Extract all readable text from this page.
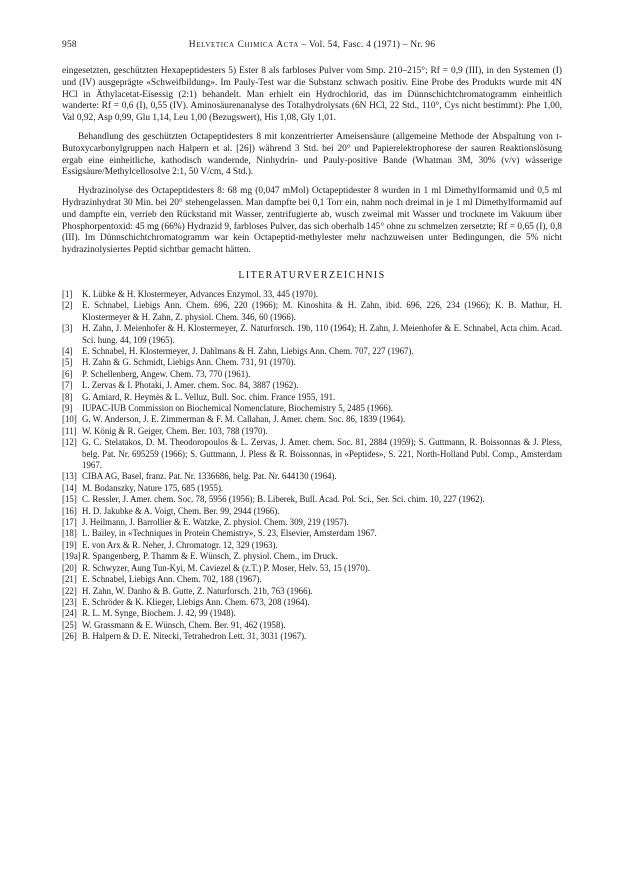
958	Helvetica Chimica Acta – Vol. 54, Fasc. 4 (1971) – Nr. 96

eingesetzten, geschützten Hexapeptidesters 5) Ester 8 als farbloses Pulver vom Smp. 210–215°; Rf = 0,9 (III), in den Systemen (I) und (IV) ausgeprägte «Schweifbildung». Im Pauly-Test war die Substanz schwach positiv. Eine Probe des Produkts wurde mit 4N HCl in Äthylacetat-Eisessig (2:1) behandelt. Man erhielt ein Hydrochlorid, das im Dünnschichtchromatogramm einheitlich wanderte: Rf = 0,6 (I), 0,55 (IV). Aminosäurenanalyse des Totalhydrolysats (6N HCl, 22 Std., 110°, Cys nicht bestimmt): Phe 1,00, Val 0,92, Asp 0,99, Glu 1,14, Leu 1,00 (Bezugswert), His 1,08, Gly 1,01.

Behandlung des geschützten Octapeptidesters 8 mit konzentrierter Ameisensäure (allgemeine Methode der Abspaltung von t-Butoxycarbonylgruppen nach Halpern et al. [26]) während 3 Std. bei 20° und Papierelektrophorese der sauren Reaktionslösung ergab eine einheitliche, kathodisch wandernde, Ninhydrin- und Pauly-positive Bande (Whatman 3M, 30% (v/v) wässerige Essigsäure/Methylcellosolve 2:1, 50 V/cm, 4 Std.).

Hydrazinolyse des Octapeptidesters 8: 68 mg (0,047 mMol) Octapeptidester 8 wurden in 1 ml Dimethylformamid und 0,5 ml Hydrazinhydrat 30 Min. bei 20° stehengelassen. Man dampfte bei 0,1 Torr ein, nahm noch dreimal in je 1 ml Dimethylformamid auf und dampfte ein, verrieb den Rückstand mit Wasser, zentrifugierte ab, wusch zweimal mit Wasser und trocknete im Vakuum über Phosphorpentoxid: 45 mg (66%) Hydrazid 9, farbloses Pulver, das sich oberhalb 145° ohne zu schmelzen zersetzte; Rf = 0,65 (I), 0,8 (III). Im Dünnschichtchromatogramm war kein Octapeptid-methylester mehr nachzuweisen unter Bedingungen, die 5% nicht hydrazinolysiertes Peptid sichtbar gemacht hätten.

LITERATURVERZEICHNIS
[1] K. Lübke & H. Klostermeyer, Advances Enzymol. 33, 445 (1970).
[2] E. Schnabel, Liebigs Ann. Chem. 696, 220 (1966); M. Kinoshita & H. Zahn, ibid. 696, 226, 234 (1966); K. B. Mathur, H. Klostermeyer & H. Zahn, Z. physiol. Chem. 346, 60 (1966).
[3] H. Zahn, J. Meienhofer & H. Klostermeyer, Z. Naturforsch. 19b, 110 (1964); H. Zahn, J. Meienhofer & E. Schnabel, Acta chim. Acad. Sci. hung. 44, 109 (1965).
[4] E. Schnabel, H. Klostermeyer, J. Dahlmans & H. Zahn, Liebigs Ann. Chem. 707, 227 (1967).
[5] H. Zahn & G. Schmidt, Liebigs Ann. Chem. 731, 91 (1970).
[6] P. Schellenberg, Angew. Chem. 73, 770 (1961).
[7] L. Zervas & I. Photaki, J. Amer. chem. Soc. 84, 3887 (1962).
[8] G. Amiard, R. Heymès & L. Velluz, Bull. Soc. chim. France 1955, 191.
[9] IUPAC-IUB Commission on Biochemical Nomenclature, Biochemistry 5, 2485 (1966).
[10] G. W. Anderson, J. E. Zimmerman & F. M. Callahan, J. Amer. chem. Soc. 86, 1839 (1964).
[11] W. König & R. Geiger, Chem. Ber. 103, 788 (1970).
[12] G. C. Stelatakos, D. M. Theodoropoulos & L. Zervas, J. Amer. chem. Soc. 81, 2884 (1959); S. Guttmann, R. Boissonnas & J. Pless, belg. Pat. Nr. 695259 (1966); S. Guttmann, J. Pless & R. Boissonnas, in «Peptides», S. 221, North-Holland Publ. Comp., Amsterdam 1967.
[13] CIBA AG, Basel, franz. Pat. Nr. 1336686, belg. Pat. Nr. 644130 (1964).
[14] M. Bodanszky, Nature 175, 685 (1955).
[15] C. Ressler, J. Amer. chem. Soc. 78, 5956 (1956); B. Liberek, Bull. Acad. Pol. Sci., Ser. Sci. chim. 10, 227 (1962).
[16] H. D. Jakubke & A. Voigt, Chem. Ber. 99, 2944 (1966).
[17] J. Heilmann, J. Barrollier & E. Watzke, Z. physiol. Chem. 309, 219 (1957).
[18] L. Bailey, in «Techniques in Protein Chemistry», S. 23, Elsevier, Amsterdam 1967.
[19] E. von Arx & R. Neher, J. Chromatogr. 12, 329 (1963).
[19a] R. Spangenberg, P. Thamm & E. Wünsch, Z. physiol. Chem., im Druck.
[20] R. Schwyzer, Aung Tun-Kyi, M. Caviezel & (z.T.) P. Moser, Helv. 53, 15 (1970).
[21] E. Schnabel, Liebigs Ann. Chem. 702, 188 (1967).
[22] H. Zahn, W. Danho & B. Gutte, Z. Naturforsch. 21b, 763 (1966).
[23] E. Schröder & K. Klieger, Liebigs Ann. Chem. 673, 208 (1964).
[24] R. L. M. Synge, Biochem. J. 42, 99 (1948).
[25] W. Grassmann & E. Wünsch, Chem. Ber. 91, 462 (1958).
[26] B. Halpern & D. E. Nitecki, Tetrahedron Lett. 31, 3031 (1967).
